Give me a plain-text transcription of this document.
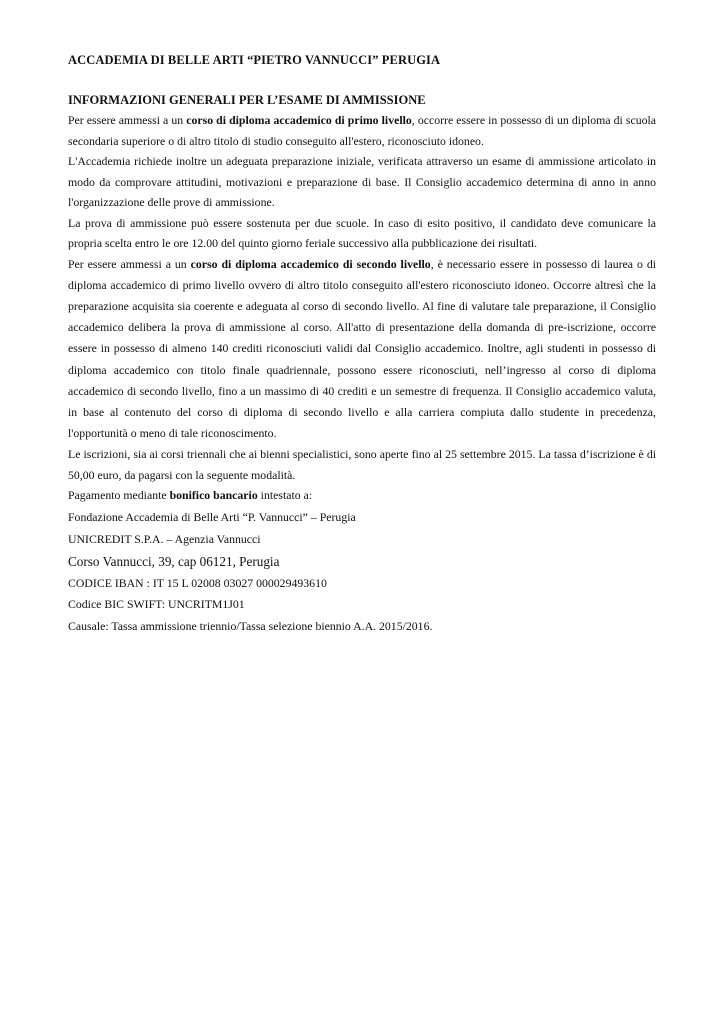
ACCADEMIA DI BELLE ARTI “PIETRO VANNUCCI” PERUGIA

INFORMAZIONI GENERALI PER L’ESAME DI AMMISSIONE

Per essere ammessi a un corso di diploma accademico di primo livello, occorre essere in possesso di un diploma di scuola secondaria superiore o di altro titolo di studio conseguito all'estero, riconosciuto idoneo.

L'Accademia richiede inoltre un adeguata preparazione iniziale, verificata attraverso un esame di ammissione articolato in modo da comprovare attitudini, motivazioni e preparazione di base. Il Consiglio accademico determina di anno in anno l'organizzazione delle prove di ammissione.

La prova di ammissione può essere sostenuta per due scuole. In caso di esito positivo, il candidato deve comunicare la propria scelta entro le ore 12.00 del quinto giorno feriale successivo alla pubblicazione dei risultati.

Per essere ammessi a un corso di diploma accademico di secondo livello, è necessario essere in possesso di laurea o di diploma accademico di primo livello ovvero di altro titolo conseguito all'estero riconosciuto idoneo. Occorre altresì che la preparazione acquisita sia coerente e adeguata al corso di secondo livello. Al fine di valutare tale preparazione, il Consiglio accademico delibera la prova di ammissione al corso. All'atto di presentazione della domanda di pre-iscrizione, occorre essere in possesso di almeno 140 crediti riconosciuti validi dal Consiglio accademico. Inoltre, agli studenti in possesso di diploma accademico con titolo finale quadriennale, possono essere riconosciuti, nell’ingresso al corso di diploma accademico di secondo livello, fino a un massimo di 40 crediti e un semestre di frequenza. Il Consiglio accademico valuta, in base al contenuto del corso di diploma di secondo livello e alla carriera compiuta dallo studente in precedenza, l'opportunità o meno di tale riconoscimento.

Le iscrizioni, sia ai corsi triennali che ai bienni specialistici, sono aperte fino al 25 settembre 2015. La tassa d’iscrizione è di 50,00 euro, da pagarsi con la seguente modalità.

Pagamento mediante bonifico bancario intestato a:

Fondazione Accademia di Belle Arti “P. Vannucci” – Perugia

UNICREDIT S.P.A. – Agenzia Vannucci

Corso Vannucci, 39, cap 06121, Perugia

CODICE IBAN : IT 15 L 02008 03027 000029493610

Codice BIC SWIFT: UNCRITM1J01

Causale: Tassa ammissione triennio/Tassa selezione biennio A.A. 2015/2016.
